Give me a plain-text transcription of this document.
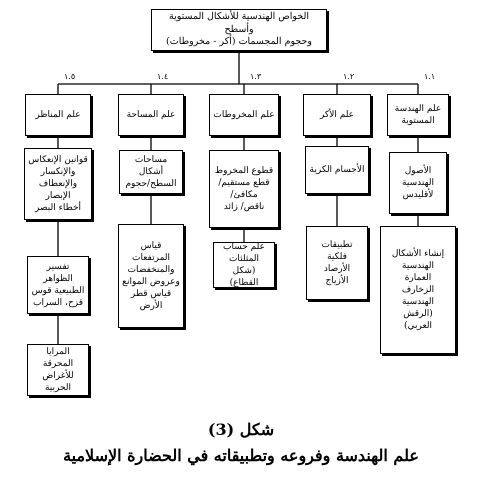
الخواص الهندسية للأشكال المستوية وأسطح
وحجوم المجسمات (أكر - مخروطات)
علم الهندسة
المستوية
١.١
الأصول
الهندسية
لأقليدس
إنشاء الأشكال
الهندسية
العمارة
الزخارف
الهندسية
(الرقش
العربي)
علم الأكر
١.٢
الأجسام الكرية
تطبيقات
فلكية
الأرصاد
الأزياج
علم المخروطات
١.٣
قطوع المخروط
قطع مستقيم/
مكافئ/
ناقص/ زائد
علم حساب
المثلثات
(شكل القطاع)
علم المساحة
١.٤
مساحات أشكال
السطح/حجوم
قياس المرتفعات
والمنخفضات
وعروض الموانع
قياس قطر
الأرض
علم المناظر
١.٥
قوانين الإنعكاس
والإنكسار
والإنعطاف
الإبصار
أخطاء البصر
تفسير الظواهر
الطبيعية قوس
قزح، السراب
المرايا المحرقة
للأغراض
الحربية
شكل (3)
علم الهندسة وفروعه وتطبيقاته في الحضارة الإسلامية
